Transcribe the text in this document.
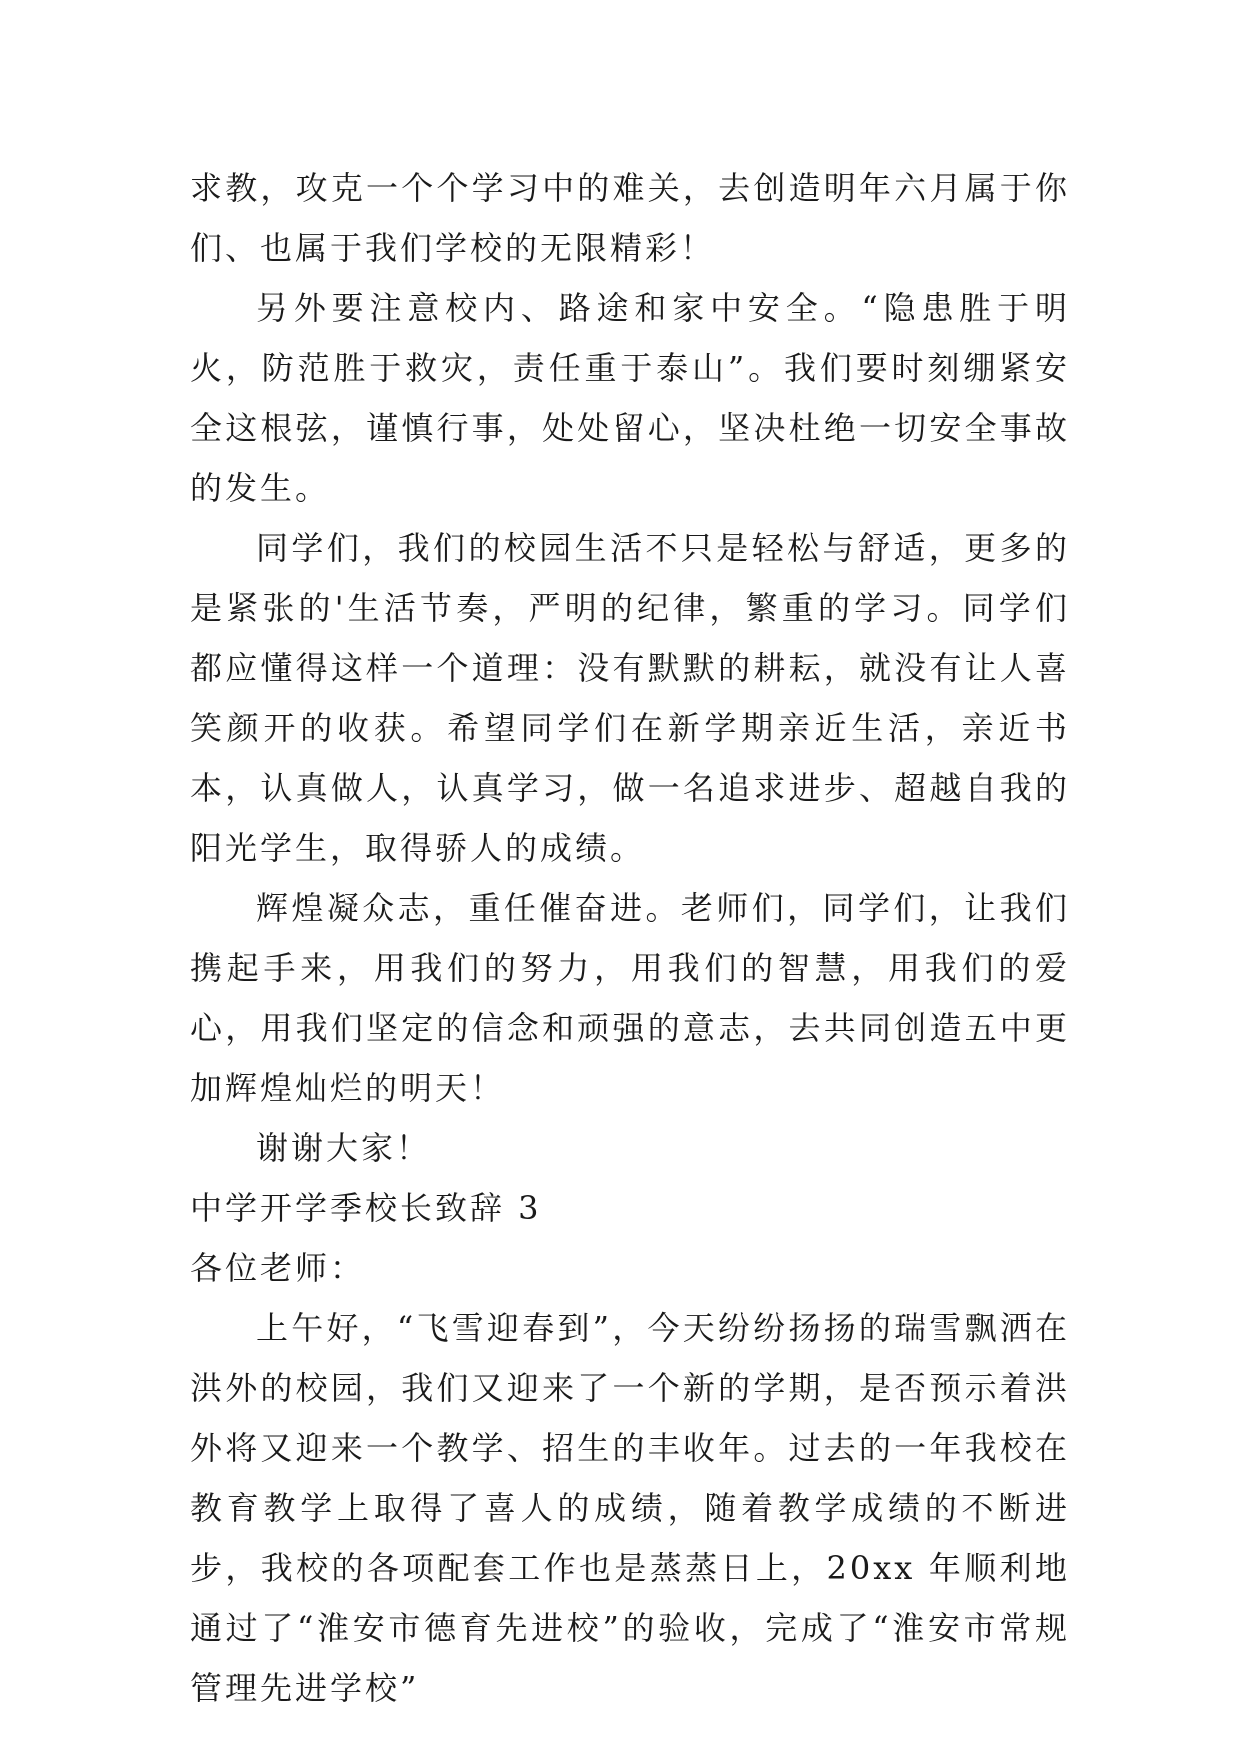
求教，攻克一个个学习中的难关，去创造明年六月属于你们、也属于我们学校的无限精彩！

另外要注意校内、路途和家中安全。“隐患胜于明火，防范胜于救灾，责任重于泰山”。我们要时刻绷紧安全这根弦，谨慎行事，处处留心，坚决杜绝一切安全事故的发生。

同学们，我们的校园生活不只是轻松与舒适，更多的是紧张的'生活节奏，严明的纪律，繁重的学习。同学们都应懂得这样一个道理：没有默默的耕耘，就没有让人喜笑颜开的收获。希望同学们在新学期亲近生活，亲近书本，认真做人，认真学习，做一名追求进步、超越自我的阳光学生，取得骄人的成绩。

辉煌凝众志，重任催奋进。老师们，同学们，让我们携起手来，用我们的努力，用我们的智慧，用我们的爱心，用我们坚定的信念和顽强的意志，去共同创造五中更加辉煌灿烂的明天！

谢谢大家！

中学开学季校长致辞 3

各位老师：

上午好，“飞雪迎春到”，今天纷纷扬扬的瑞雪飘洒在洪外的校园，我们又迎来了一个新的学期，是否预示着洪外将又迎来一个教学、招生的丰收年。过去的一年我校在教育教学上取得了喜人的成绩，随着教学成绩的不断进步，我校的各项配套工作也是蒸蒸日上，20xx 年顺利地通过了“淮安市德育先进校”的验收，完成了“淮安市常规管理先进学校”
